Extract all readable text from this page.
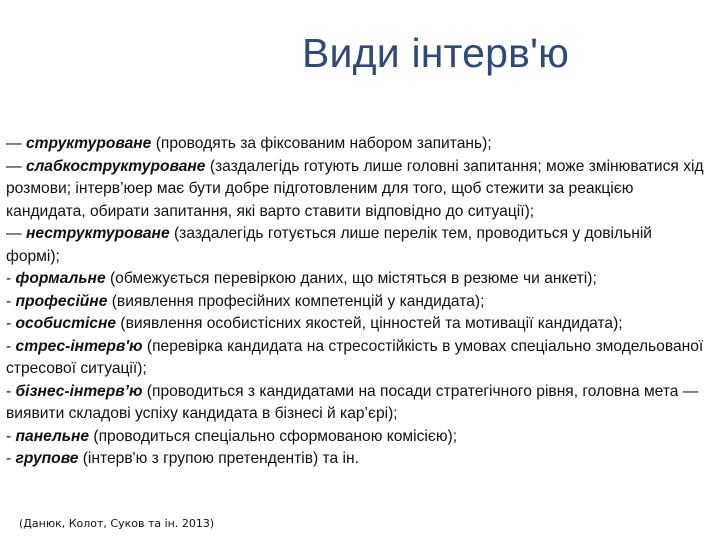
Види інтерв'ю
— структуроване (проводять за фіксованим набором запитань);
— слабкоструктуроване (заздалегідь готують лише головні запитання; може змінюватися хід розмови; інтерв’юер має бути добре підготовленим для того, щоб стежити за реакцією кандидата, обирати запитання, які варто ставити відповідно до ситуації);
— неструктуроване (заздалегідь готується лише перелік тем, проводиться у довільній формі);
- формальне (обмежується перевіркою даних, що містяться в резюме чи анкеті);
- професійне (виявлення професійних компетенцій у кандидата);
- особистісне (виявлення особистісних якостей, цінностей та мотивації кандидата);
- стрес-інтерв'ю (перевірка кандидата на стресостійкість в умовах спеціально змодельованої стресової ситуації);
- бізнес-інтерв’ю (проводиться з кандидатами на посади стратегічного рівня, головна мета — виявити складові успіху кандидата в бізнесі й кар’єрі);
- панельне (проводиться спеціально сформованою комісією);
- групове (інтерв'ю з групою претендентів) та ін.
(Данюк, Колот, Суков та ін. 2013)
